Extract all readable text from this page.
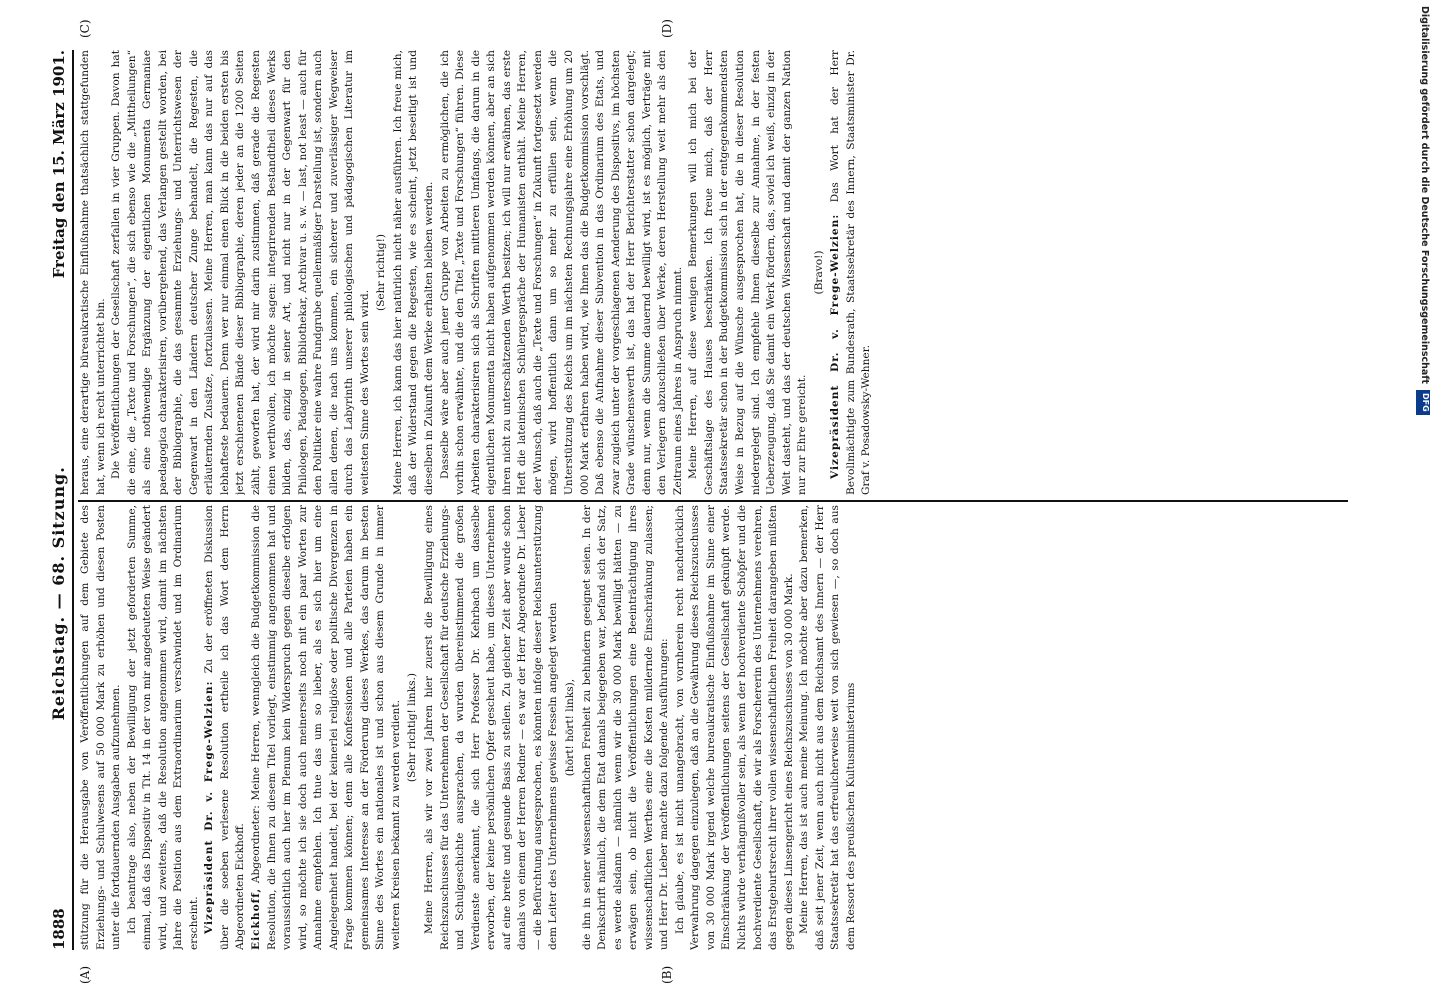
1888
Reichstag. — 68. Sitzung.
Freitag den 15. März 1901.
(A)	(B)
(C)	(D)

stützung für die Herausgabe von Veröffentlichungen auf dem Gebiete des Erziehungs- und Schulwesens auf 50 000 Mark zu erhöhen und diesen Posten unter die fortdauernden Ausgaben aufzunehmen. Ich beantrage also, neben der Bewilligung der jetzt geforderten Summe, einmal, daß das Dispositiv in Tit. 14 in der von mir angedeuteten Weise geändert wird, und zweitens, daß die Resolution angenommen wird, damit im nächsten Jahre die Position aus dem Extraordinarium verschwindet und im Ordinarium erscheint. Vizepräsident Dr. v. Frege-Welzien: Zu der eröffneten Diskussion über die soeben verlesene Resolution ertheile ich das Wort dem Herrn Abgeordneten Eickhoff. Eickhoff, Abgeordneter: Meine Herren, wenngleich die Budgetkommission die Resolution, die Ihnen zu diesem Titel vorliegt, einstimmig angenommen hat und voraussichtlich auch hier im Plenum kein Widerspruch gegen dieselbe erfolgen wird, so möchte ich sie doch auch meinerseits noch mit ein paar Worten zur Annahme empfehlen. Ich thue das um so lieber, als es sich hier um eine Angelegenheit handelt, bei der keinerlei religiöse oder politische Divergenzen in Frage kommen können; denn alle Konfessionen und alle Parteien haben ein gemeinsames Interesse an der Förderung dieses Werkes, das darum im besten Sinne des Wortes ein nationales ist und schon aus diesem Grunde in immer weiteren Kreisen bekannt zu werden verdient. (Sehr richtig! links.) Meine Herren, als wir vor zwei Jahren hier zuerst die Bewilligung eines Reichszuschusses für das Unternehmen der Gesellschaft für deutsche Erziehungs- und Schulgeschichte aussprachen, da wurden übereinstimmend die großen Verdienste anerkannt, die sich Herr Professor Dr. Kehrbach um dasselbe erworben, der keine persönlichen Opfer gescheut habe, um dieses Unternehmen auf eine breite und gesunde Basis zu stellen. Zu gleicher Zeit aber wurde schon damals von einem der Herren Redner — es war der Herr Abgeordnete Dr. Lieber — die Befürchtung ausgesprochen, es könnten infolge dieser Reichsunterstützung dem Leiter des Unternehmens gewisse Fesseln angelegt werden (hört! hört! links), die ihn in seiner wissenschaftlichen Freiheit zu behindern geeignet seien. In der Denkschrift nämlich, die dem Etat damals beigegeben war, befand sich der Satz, es werde alsdann — nämlich wenn wir die 30 000 Mark bewilligt hätten — zu erwägen sein, ob nicht die Veröffentlichungen eine Beeinträchtigung ihres wissenschaftlichen Werthes eine die Kosten mildernde Einschränkung zulassen; und Herr Dr. Lieber machte dazu folgende Ausführungen: Ich glaube, es ist nicht unangebracht, von vornherein recht nachdrücklich Verwahrung dagegen einzulegen, daß an die Gewährung dieses Reichszuschusses von 30 000 Mark irgend welche bureaukratische Einflußnahme im Sinne einer Einschränkung der Veröffentlichungen seitens der Gesellschaft geknüpft werde. Nichts würde verhängnißvoller sein, als wenn der hochverdiente Schöpfer und die hochverdiente Gesellschaft, die wir als Forschererin des Unternehmens verehren, das Erstgeburtsrecht ihrer vollen wissenschaftlichen Freiheit darangeben müßten gegen dieses Linsengericht eines Reichszuschusses von 30 000 Mark. Meine Herren, das ist auch meine Meinung. Ich möchte aber dazu bemerken, daß seit jener Zeit, wenn auch nicht aus dem Reichsamt des Innern — der Herr Staatssekretär hat das erfreulicherweise weit von sich gewiesen —, so doch aus dem Ressort des preußischen Kultusministeriums

heraus, eine derartige büreaukratische Einflußnahme thatsächlich stattgefunden hat, wenn ich recht unterrichtet bin. Die Veröffentlichungen der Gesellschaft zerfallen in vier Gruppen. Davon hat die eine, die „Texte und Forschungen“, die sich ebenso wie die „Mittheilungen“ als eine nothwendige Ergänzung der eigentlichen Monumenta Germaniae paedagogica charakterisiren, vorübergehend, das Verlangen gestellt worden, bei der Bibliographie, die das gesammte Erziehungs- und Unterrichtswesen der Gegenwart in den Ländern deutscher Zunge behandelt, die Regesten, die erläuternden Zusätze, fortzulassen. Meine Herren, man kann das nur auf das lebhafteste bedauern. Denn wer nur einmal einen Blick in die beiden ersten bis jetzt erschienenen Bände dieser Bibliographie, deren jeder an die 1200 Seiten zählt, geworfen hat, der wird mir darin zustimmen, daß gerade die Regesten einen werthvollen, ich möchte sagen: integrirenden Bestandtheil dieses Werks bilden, das, einzig in seiner Art, und nicht nur in der Gegenwart für den Philologen, Pädagogen, Bibliothekar, Archivar u. s. w. — last, not least — auch für den Politiker eine wahre Fundgrube quellenmäßiger Darstellung ist, sondern auch allen denen, die nach uns kommen, ein sicherer und zuverlässiger Wegweiser durch das Labyrinth unserer philologischen und pädagogischen Literatur im weitesten Sinne des Wortes sein wird.

(Sehr richtig!) Meine Herren, ich kann das hier natürlich nicht näher ausführen. Ich freue mich, daß der Widerstand gegen die Regesten, wie es scheint, jetzt beseitigt ist und dieselben in Zukunft dem Werke erhalten bleiben werden. Dasselbe wäre aber auch jener Gruppe von Arbeiten zu ermöglichen, die ich vorhin schon erwähnte, und die den Titel „Texte und Forschungen“ führen. Diese Arbeiten charakterisiren sich als Schriften mittleren Umfangs, die darum in die eigentlichen Monumenta nicht haben aufgenommen werden können, aber an sich ihren nicht zu unterschätzenden Werth besitzen; ich will nur erwähnen, das erste Heft die lateinischen Schülergespräche der Humanisten enthält. Meine Herren, der Wunsch, daß auch die „Texte und Forschungen“ in Zukunft fortgesetzt werden mögen, wird hoffentlich dann um so mehr zu erfüllen sein, wenn die Unterstützung des Reichs um im nächsten Rechnungsjahre eine Erhöhung um 20 000 Mark erfahren haben wird, wie Ihnen das die Budgetkommission vorschlägt. Daß ebenso die Aufnahme dieser Subvention in das Ordinarium des Etats, und zwar zugleich unter der vorgeschlagenen Aenderung des Dispositivs, im höchsten Grade wünschenswerth ist, das hat der Herr Berichterstatter schon dargelegt; denn nur, wenn die Summe dauernd bewilligt wird, ist es möglich, Verträge mit den Verlegern abzuschließen über Werke, deren Herstellung weit mehr als den Zeitraum eines Jahres in Anspruch nimmt. Meine Herren, auf diese wenigen Bemerkungen will ich mich bei der Geschäftslage des Hauses beschränken. Ich freue mich, daß der Herr Staatssekretär schon in der Budgetkommission sich in der entgegenkommendsten Weise in Bezug auf die Wünsche ausgesprochen hat, die in dieser Resolution niedergelegt sind. Ich empfehle Ihnen dieselbe zur Annahme, in der festen Ueberzeugung, daß Sie damit ein Werk fördern, das, soviel ich weiß, einzig in der Welt dasteht, und das der deutschen Wissenschaft und damit der ganzen Nation nur zur Ehre gereicht.

(Bravo!) Vizepräsident Dr. v. Frege-Welzien: Das Wort hat der Herr Bevollmächtigte zum Bundesrath, Staatssekretär des Innern, Staatsminister Dr. Graf v. Posadowsky-Wehner.

Digitalisierung gefördert durch die Deutsche Forschungsgemeinschaft
DFG
